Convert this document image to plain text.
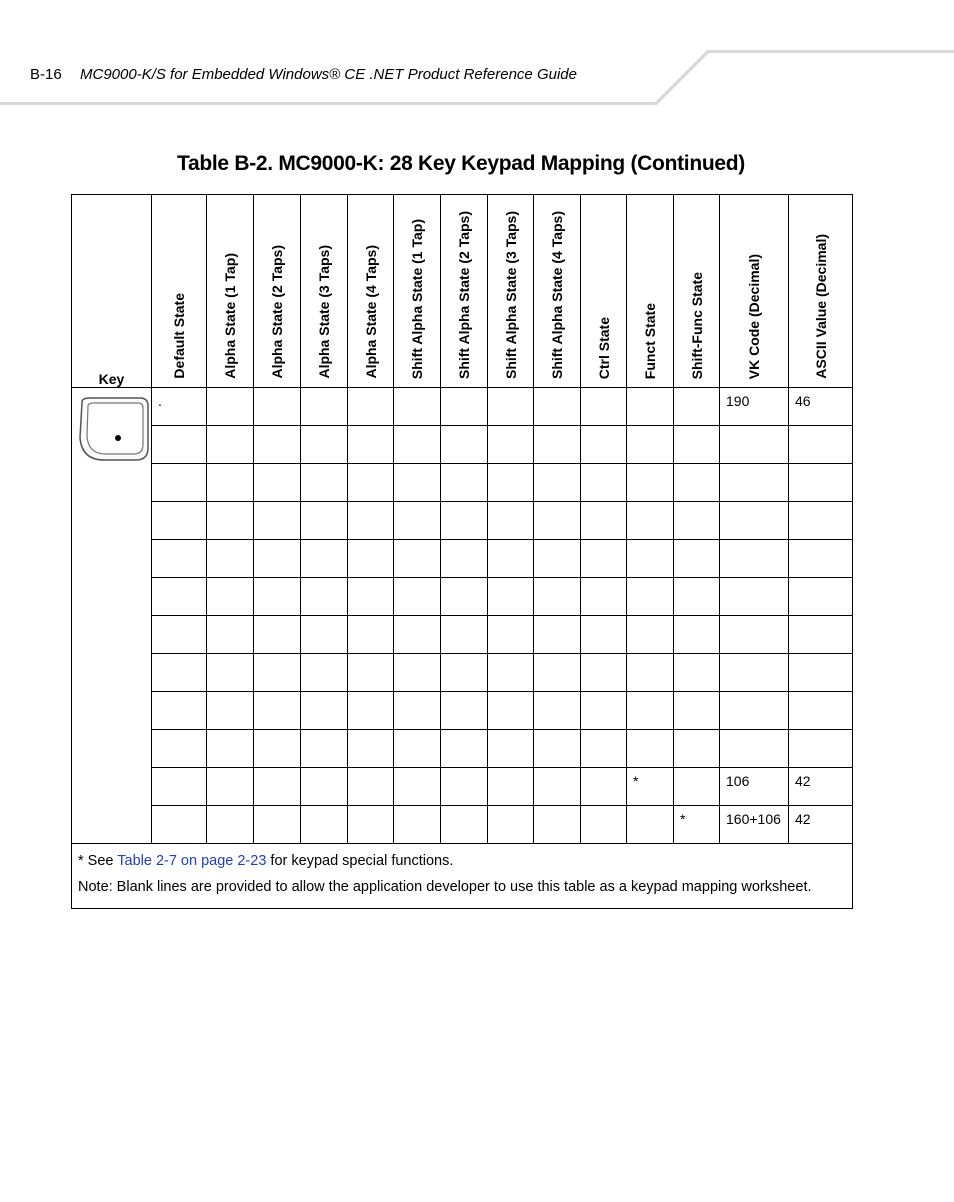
B-16 MC9000-K/S for Embedded Windows® CE .NET Product Reference Guide
Table B-2. MC9000-K: 28 Key Keypad Mapping (Continued)
Key	Default State	Alpha State (1 Tap)	Alpha State (2 Taps)	Alpha State (3 Taps)	Alpha State (4 Taps)	Shift Alpha State (1 Tap)	Shift Alpha State (2 Taps)	Shift Alpha State (3 Taps)	Shift Alpha State (4 Taps)	Ctrl State	Funct State	Shift-Func State	VK Code (Decimal)	ASCII Value (Decimal)

	.												190	46

											*		106	42
												*	160+106	42

* See Table 2-7 on page 2-23 for keypad special functions.

Note: Blank lines are provided to allow the application developer to use this table as a keypad mapping worksheet.														
